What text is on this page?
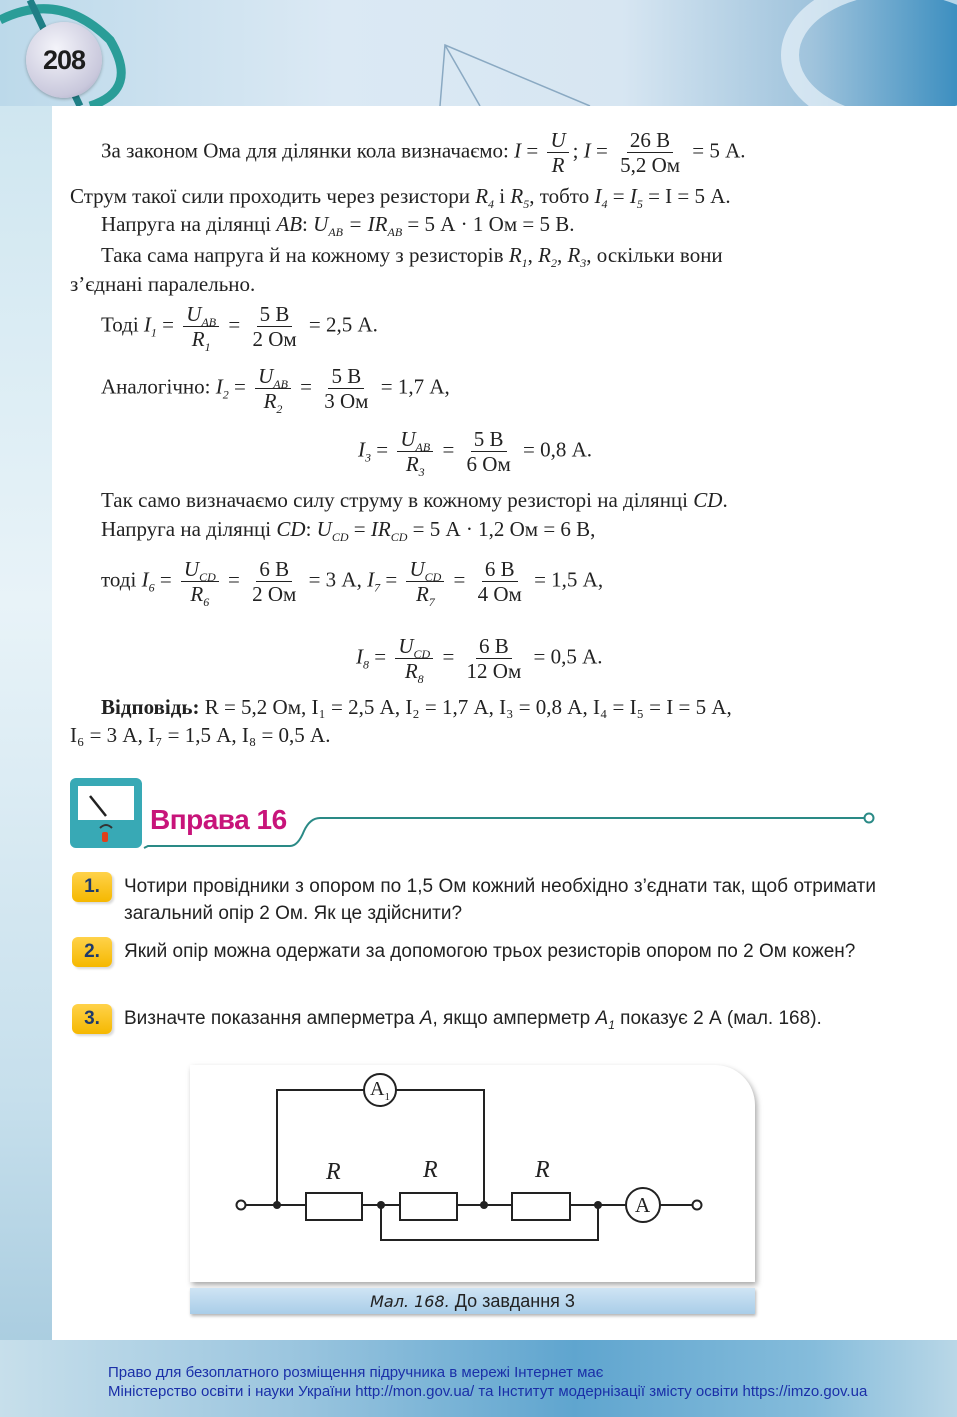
208
За законом Ома для ділянки кола визначаємо: $I = \frac{U}{R}$ ; I = 26 В
5,2 Ом
= 5 А.
Струм такої сили проходить через резистори $R_4$ і $R_5$, тобто $I_4 = I_5 = I = 5$ А.
Напруга на ділянці AB: $U_{AB} = IR_{AB} = 5$ А · 1 Ом = 5 В.
Така сама напруга й на кожному з резисторів $R_1$, $R_2$, $R_3$, оскільки вони
з’єднані паралельно.
Тоді $I_1 = U_{AB}$
$R_1$
= 5 В
2 Ом
= 2,5 А.
Аналогічно: $I_2 = U_{AB}$
$R_2$
= 5 В
3 Ом
= 1,7 А,
$I_3 = U_{AB}$
$R_3$
= 5 В
6 Ом
= 0,8 А.
Так само визначаємо силу струму в кожному резисторі на ділянці CD.
Напруга на ділянці CD: $U_{CD} = IR_{CD} = 5$ А · 1,2 Ом = 6 В,
тоді $I_6 = U_{CD}$
$R_6$
= 6 В
2 Ом
= 3 А, $I_7 = U_{CD}$
$R_7$
= 6 В
4 Ом
= 1,5 А,
$I_8 = U_{CD}$
$R_8$
= 6 В
12 Ом
= 0,5 А.
Відповідь: R = 5,2 Ом, I₁ = 2,5 А, I₂ = 1,7 А, I₃ = 0,8 А, I₄ = I₅ = I = 5 А,
I₆ = 3 А, I₇ = 1,5 А, I₈ = 0,5 А.
Вправа 16
1.	Чотири провідники з опором по 1,5 Ом кожний необхідно з’єднати так, щоб отримати загальний опір 2 Ом. Як це здійснити?
2.	Який опір можна одержати за допомогою трьох резисторів опором по 2 Ом кожен?
3.	Визначте показання амперметра A, якщо амперметр $A_1$ показує 2 А (мал. 168).
R	R	R
$A_1$
A
Мал. 168. До завдання 3
Право для безоплатного розміщення підручника в мережі Інтернет має
Міністерство освіти і науки України http://mon.gov.ua/ та Інститут модернізації змісту освіти https://imzo.gov.ua
